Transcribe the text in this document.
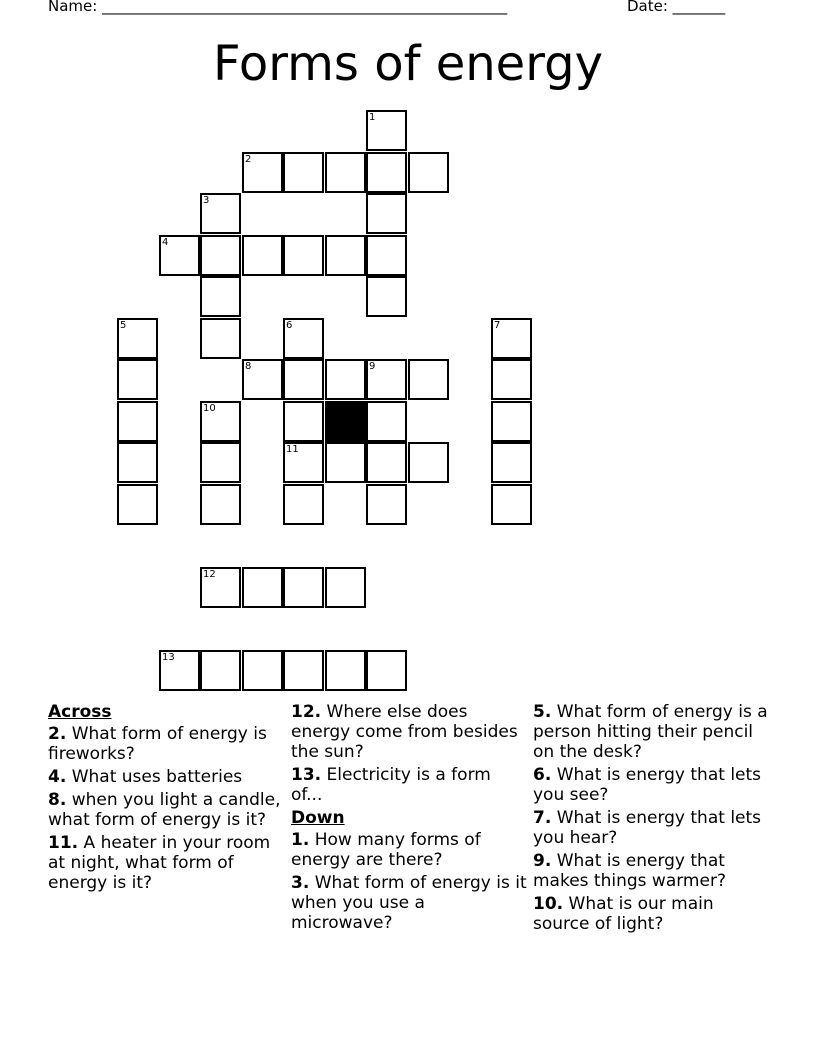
Name: ______________________________________________________	Date: _______
Forms of energy
1
2
3
4
5	6	7
8	9
10
11
12
13
Across
2. What form of energy is fireworks?
4. What uses batteries
8. when you light a candle, what form of energy is it?
11. A heater in your room at night, what form of energy is it?
12. Where else does energy come from besides the sun?
13. Electricity is a form of...
Down
1. How many forms of energy are there?
3. What form of energy is it when you use a microwave?
5. What form of energy is a person hitting their pencil on the desk?
6. What is energy that lets you see?
7. What is energy that lets you hear?
9. What is energy that makes things warmer?
10. What is our main source of light?
